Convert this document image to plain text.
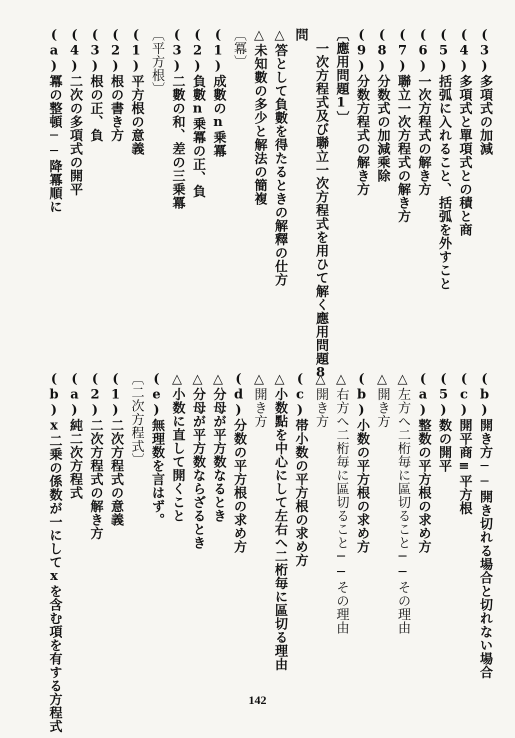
(3)多項式の加減
(4)多項式と單項式との積と商
(5)括弧に入れること、括弧を外すこと
(6)一次方程式の解き方
(7)聯立一次方程式の解き方
(8)分数式の加減乘除
(9)分数方程式の解き方
〔應用問題1〕
　一次方程式及び聯立一次方程式を用ひて解く應用問題8
問
△答として負數を得たるときの解釋の仕方
△未知數の多少と解法の簡複
〔冪〕
(1)成數のn乗冪
(2)負數n乗冪の正、負
(3)二數の和、差の三乗冪
〔平方根〕
(1)平方根の意義
(2)根の書き方
(3)根の正、負
(4)二次の多項式の開平
(a)冪の整頓──降冪順に
(b)開き方──開き切れる場合と切れない場合
(c)開平商≡平方根
(5)数の開平
(a)整数の平方根の求め方
△左方へ二桁毎に區切ること──その理由
△開き方
(b)小数の平方根の求め方
△右方へ二桁毎に區切ること──その理由
△開き方
(c)帯小数の平方根の求め方
△小数點を中心にして左右へ二桁毎に區切る理由
△開き方
(d)分数の平方根の求め方
△分母が平方数なるとき
△分母が平方数ならざるとき
△小数に直して開くこと
(e)無理数を言はず。
〔二次方程式〕
(1)二次方程式の意義
(2)二次方程式の解き方
(a)純二次方程式
(b)x二乗の係数が一にしてxを含む項を有する方程式	142
